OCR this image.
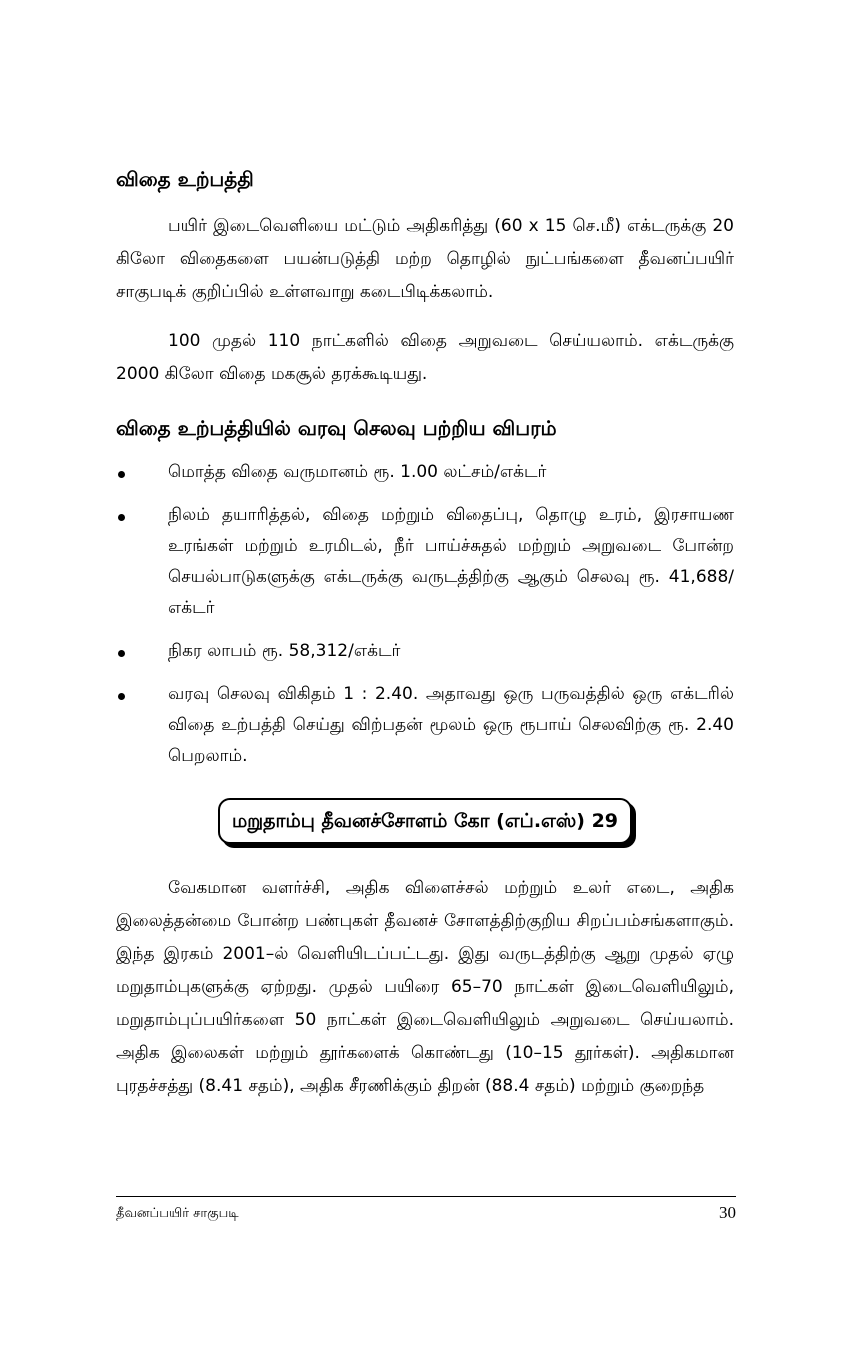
விதை உற்பத்தி

பயிர் இடைவெளியை மட்டும் அதிகரித்து (60 x 15 செ.மீ) எக்டருக்கு 20 கிலோ விதைகளை பயன்படுத்தி மற்ற தொழில் நுட்பங்களை தீவனப்பயிர் சாகுபடிக் குறிப்பில் உள்ளவாறு கடைபிடிக்கலாம்.

100 முதல் 110 நாட்களில் விதை அறுவடை செய்யலாம். எக்டருக்கு 2000 கிலோ விதை மகசூல் தரக்கூடியது.

விதை உற்பத்தியில் வரவு செலவு பற்றிய விபரம்
மொத்த விதை வருமானம் ரூ. 1.00 லட்சம்/எக்டர்
நிலம் தயாரித்தல், விதை மற்றும் விதைப்பு, தொழு உரம், இரசாயண உரங்கள் மற்றும் உரமிடல், நீர் பாய்ச்சுதல் மற்றும் அறுவடை போன்ற செயல்பாடுகளுக்கு எக்டருக்கு வருடத்திற்கு ஆகும் செலவு ரூ. 41,688/எக்டர்
நிகர லாபம் ரூ. 58,312/எக்டர்
வரவு செலவு விகிதம் 1 : 2.40. அதாவது ஒரு பருவத்தில் ஒரு எக்டரில் விதை உற்பத்தி செய்து விற்பதன் மூலம் ஒரு ரூபாய் செலவிற்கு ரூ. 2.40 பெறலாம்.
மறுதாம்பு தீவனச்சோளம் கோ (எப்.எஸ்) 29

வேகமான வளர்ச்சி, அதிக விளைச்சல் மற்றும் உலர் எடை, அதிக இலைத்தன்மை போன்ற பண்புகள் தீவனச் சோளத்திற்குறிய சிறப்பம்சங்களாகும். இந்த இரகம் 2001–ல் வெளியிடப்பட்டது. இது வருடத்திற்கு ஆறு முதல் ஏழு மறுதாம்புகளுக்கு ஏற்றது. முதல் பயிரை 65–70 நாட்கள் இடைவெளியிலும், மறுதாம்புப்பயிர்களை 50 நாட்கள் இடைவெளியிலும் அறுவடை செய்யலாம். அதிக இலைகள் மற்றும் தூர்களைக் கொண்டது (10–15 தூர்கள்). அதிகமான புரதச்சத்து (8.41 சதம்), அதிக சீரணிக்கும் திறன் (88.4 சதம்) மற்றும் குறைந்த

தீவனப்பயிர் சாகுபடி	30
